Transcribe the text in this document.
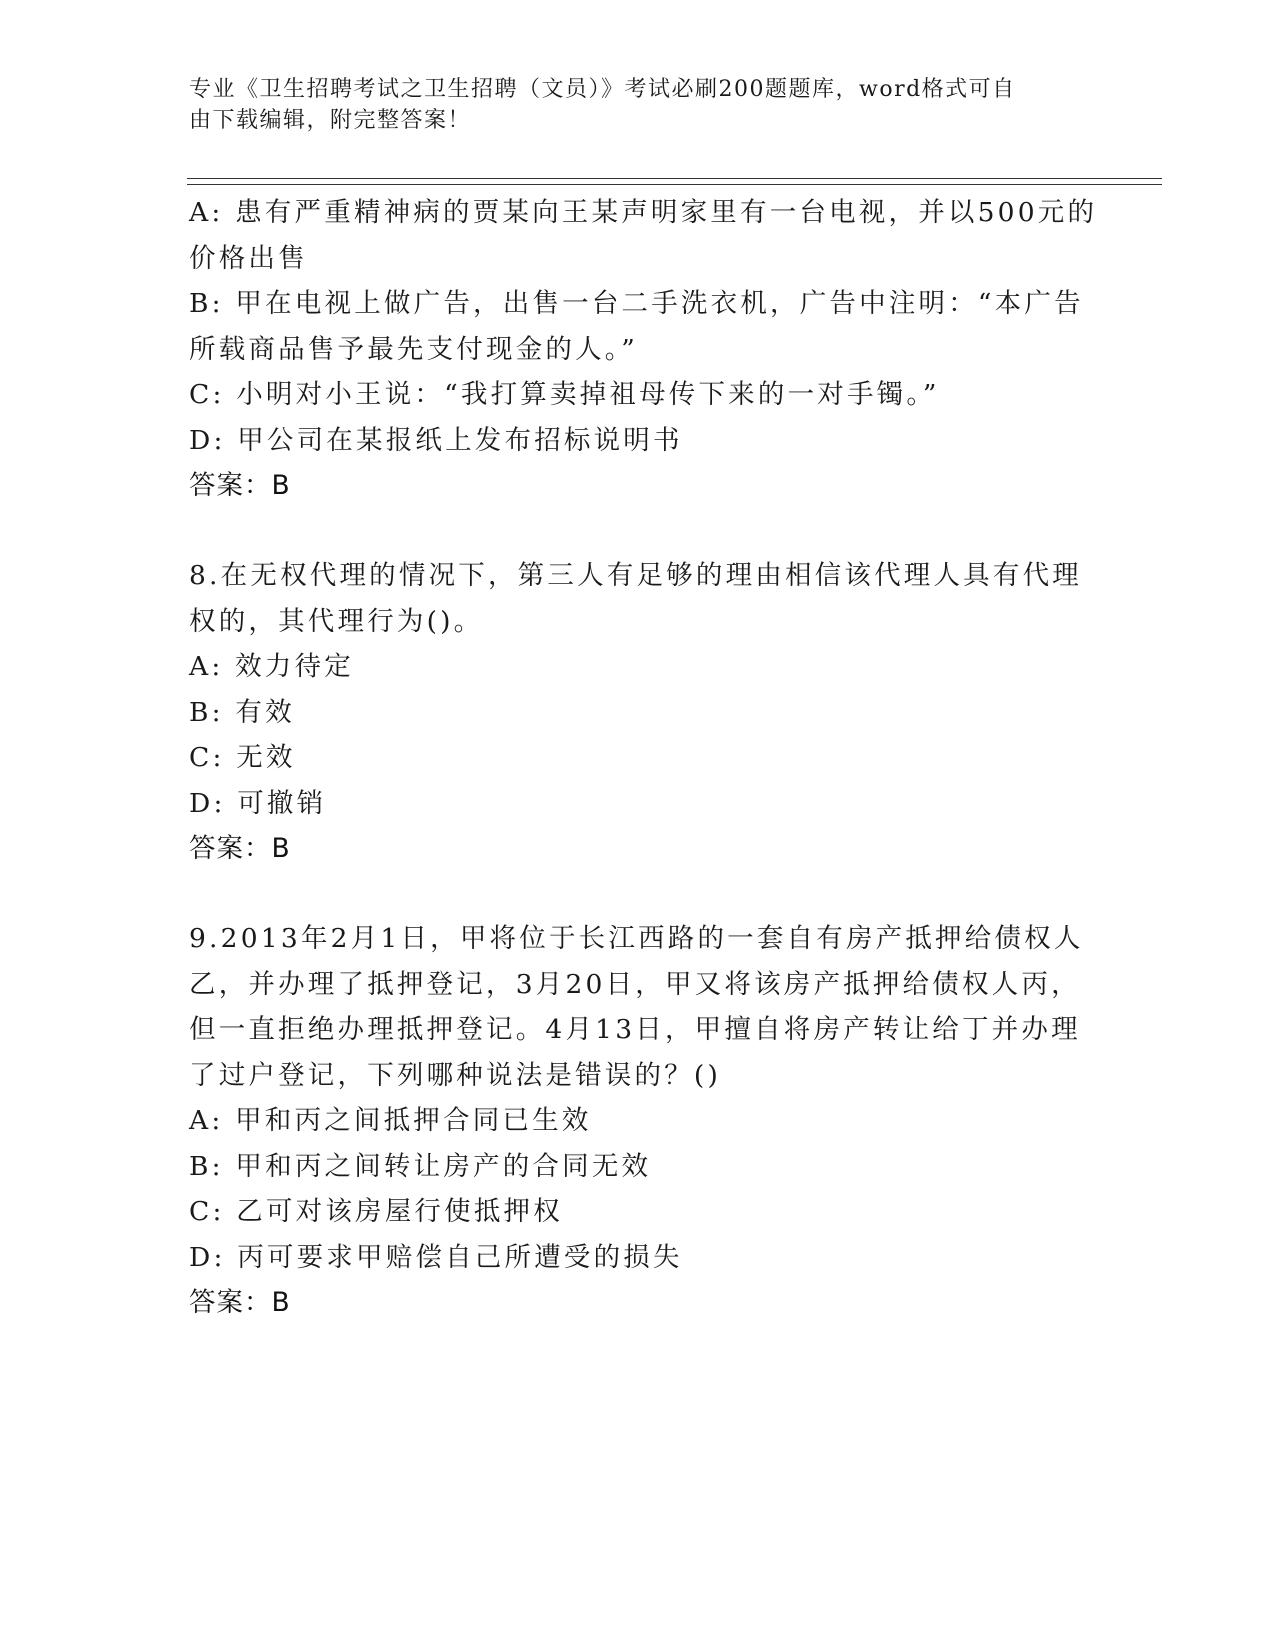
专业《卫生招聘考试之卫生招聘（文员）》考试必刷200题题库，word格式可自
由下载编辑，附完整答案！
A: 患有严重精神病的贾某向王某声明家里有一台电视，并以500元的
价格出售
B: 甲在电视上做广告，出售一台二手洗衣机，广告中注明：“本广告
所载商品售予最先支付现金的人。”
C: 小明对小王说：“我打算卖掉祖母传下来的一对手镯。”
D: 甲公司在某报纸上发布招标说明书
答案：B
8.在无权代理的情况下，第三人有足够的理由相信该代理人具有代理
权的，其代理行为()。
A: 效力待定
B: 有效
C: 无效
D: 可撤销
答案：B
9.2013年2月1日，甲将位于长江西路的一套自有房产抵押给债权人
乙，并办理了抵押登记，3月20日，甲又将该房产抵押给债权人丙，
但一直拒绝办理抵押登记。4月13日，甲擅自将房产转让给丁并办理
了过户登记，下列哪种说法是错误的？()
A: 甲和丙之间抵押合同已生效
B: 甲和丙之间转让房产的合同无效
C: 乙可对该房屋行使抵押权
D: 丙可要求甲赔偿自己所遭受的损失
答案：B
